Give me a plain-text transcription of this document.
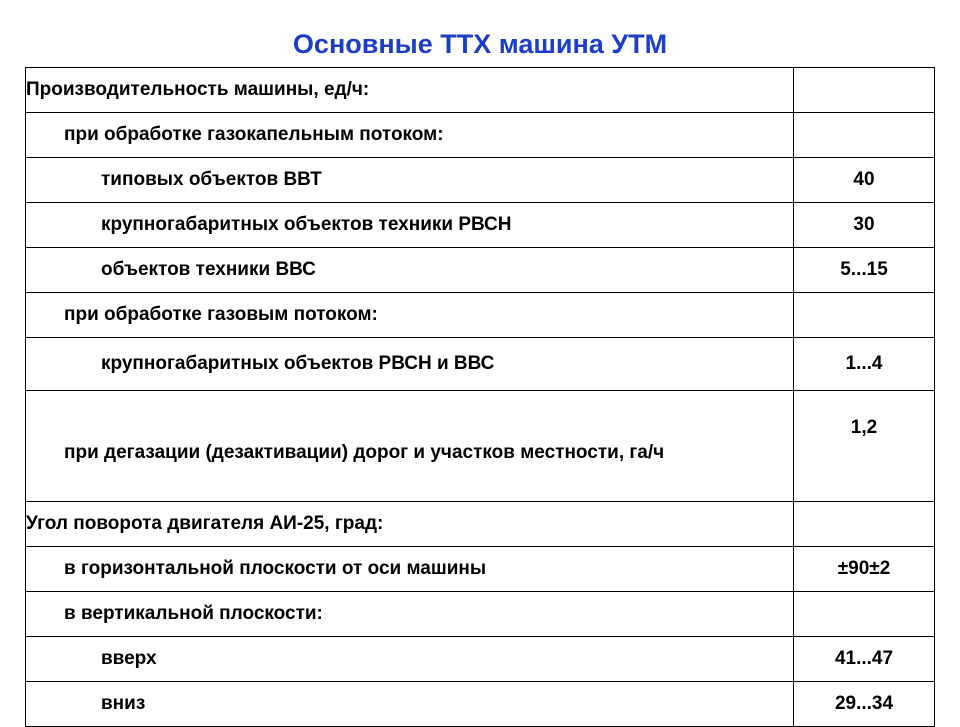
Основные ТТХ машина УТМ
Производительность машины, ед/ч:	
при обработке газокапельным потоком:	
типовых объектов ВВТ	40
крупногабаритных объектов техники РВСН	30
объектов техники ВВС	5...15
при обработке газовым потоком:	
крупногабаритных объектов РВСН и ВВС	1...4
при дегазации (дезактивации) дорог и участков местности, га/ч	1,2
Угол поворота двигателя АИ-25, град:	
в горизонтальной плоскости от оси машины	±90±2
в вертикальной плоскости:	
вверх	41...47
вниз	29...34
